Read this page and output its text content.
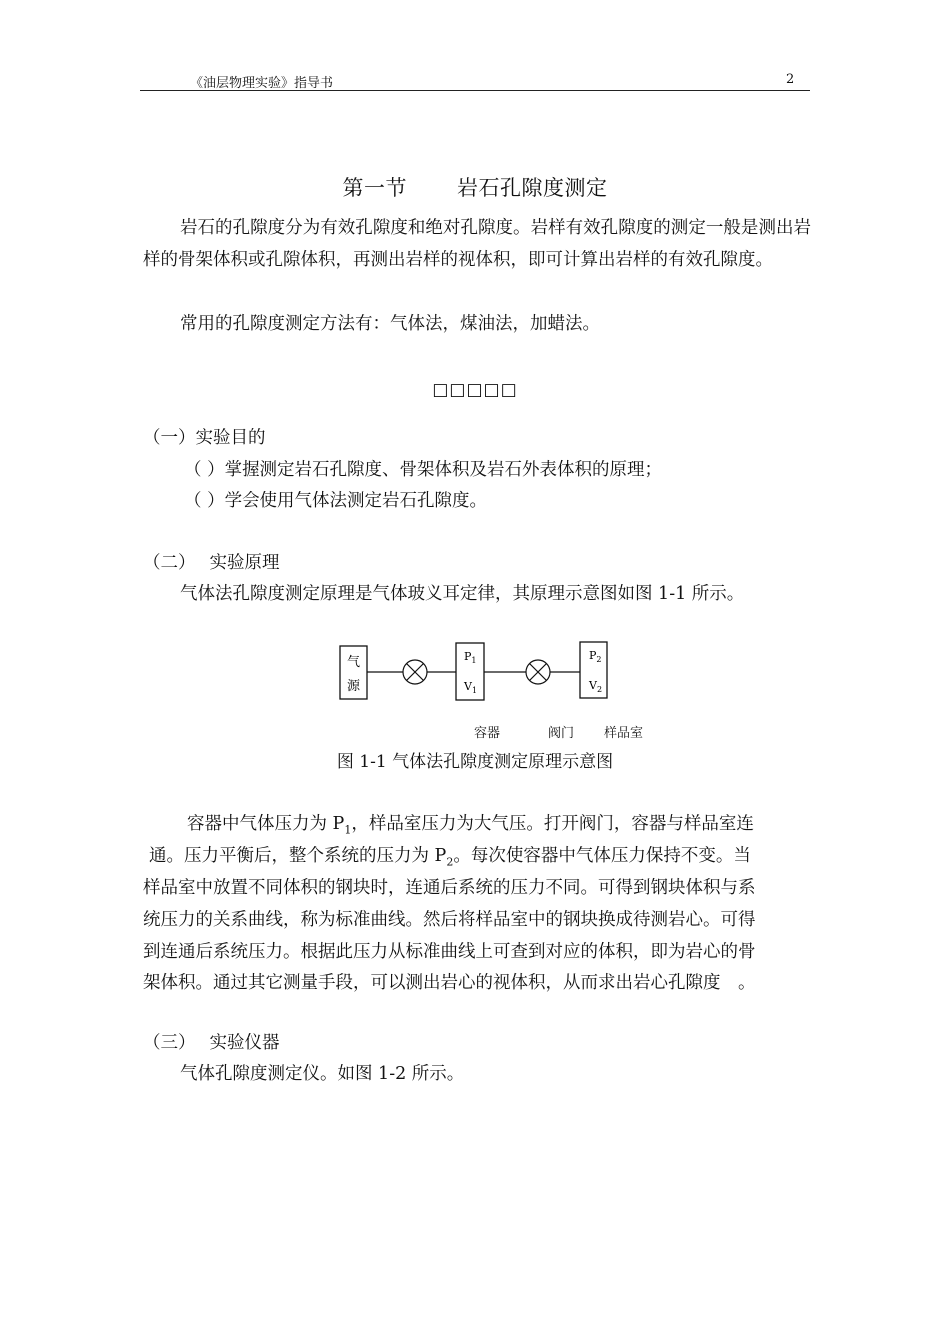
《油层物理实验》指导书	2
第一节 岩石孔隙度测定
岩石的孔隙度分为有效孔隙度和绝对孔隙度。岩样有效孔隙度的测定一般是测出岩样的骨架体积或孔隙体积，再测出岩样的视体积，即可计算出岩样的有效孔隙度。
常用的孔隙度测定方法有：气体法，煤油法，加蜡法。
□□□□□
（一）实验目的
（ ）掌握测定岩石孔隙度、骨架体积及岩石外表体积的原理；
（ ）学会使用气体法测定岩石孔隙度。
（二） 实验原理
气体法孔隙度测定原理是气体玻义耳定律，其原理示意图如图 1-1 所示。
气
源
$P_1$
$V_1$
$P_2$
$V_2$
容器	阀门 样品室
图 1-1 气体法孔隙度测定原理示意图
容器中气体压力为 $P_1$，样品室压力为大气压。打开阀门，容器与样品室连
通。压力平衡后，整个系统的压力为 $P_2$。每次使容器中气体压力保持不变。当
样品室中放置不同体积的钢块时，连通后系统的压力不同。可得到钢块体积与系
统压力的关系曲线，称为标准曲线。然后将样品室中的钢块换成待测岩心。可得
到连通后系统压力。根据此压力从标准曲线上可查到对应的体积，即为岩心的骨
架体积。通过其它测量手段，可以测出岩心的视体积，从而求出岩心孔隙度　。
（三） 实验仪器
气体孔隙度测定仪。如图 1-2 所示。
